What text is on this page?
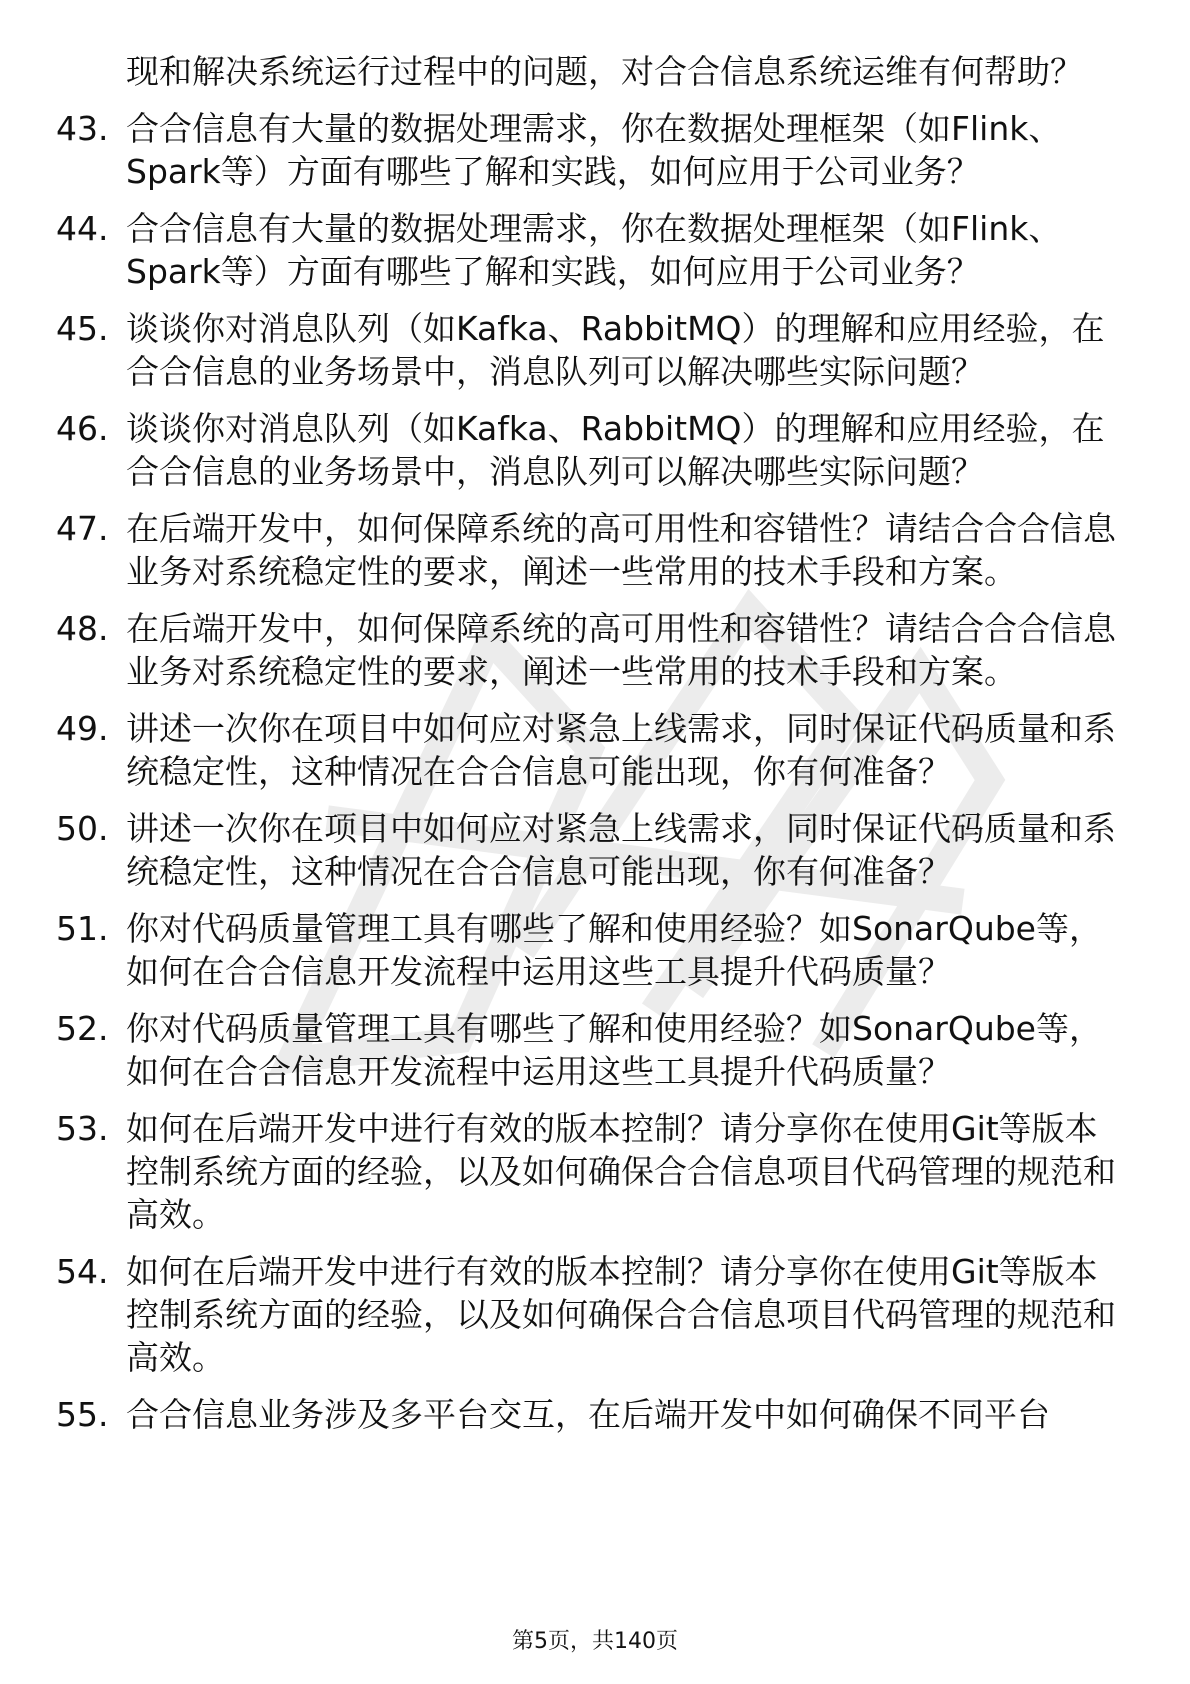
现和解决系统运行过程中的问题，对合合信息系统运维有何帮助？
43. 合合信息有大量的数据处理需求，你在数据处理框架（如Flink、Spark等）方面有哪些了解和实践，如何应用于公司业务？
44. 合合信息有大量的数据处理需求，你在数据处理框架（如Flink、Spark等）方面有哪些了解和实践，如何应用于公司业务？
45. 谈谈你对消息队列（如Kafka、RabbitMQ）的理解和应用经验，在合合信息的业务场景中，消息队列可以解决哪些实际问题？
46. 谈谈你对消息队列（如Kafka、RabbitMQ）的理解和应用经验，在合合信息的业务场景中，消息队列可以解决哪些实际问题？
47. 在后端开发中，如何保障系统的高可用性和容错性？请结合合合信息业务对系统稳定性的要求，阐述一些常用的技术手段和方案。
48. 在后端开发中，如何保障系统的高可用性和容错性？请结合合合信息业务对系统稳定性的要求，阐述一些常用的技术手段和方案。
49. 讲述一次你在项目中如何应对紧急上线需求，同时保证代码质量和系统稳定性，这种情况在合合信息可能出现，你有何准备？
50. 讲述一次你在项目中如何应对紧急上线需求，同时保证代码质量和系统稳定性，这种情况在合合信息可能出现，你有何准备？
51. 你对代码质量管理工具有哪些了解和使用经验？如SonarQube等，如何在合合信息开发流程中运用这些工具提升代码质量？
52. 你对代码质量管理工具有哪些了解和使用经验？如SonarQube等，如何在合合信息开发流程中运用这些工具提升代码质量？
53. 如何在后端开发中进行有效的版本控制？请分享你在使用Git等版本控制系统方面的经验，以及如何确保合合信息项目代码管理的规范和高效。
54. 如何在后端开发中进行有效的版本控制？请分享你在使用Git等版本控制系统方面的经验，以及如何确保合合信息项目代码管理的规范和高效。
55. 合合信息业务涉及多平台交互，在后端开发中如何确保不同平台
第5页，共140页
